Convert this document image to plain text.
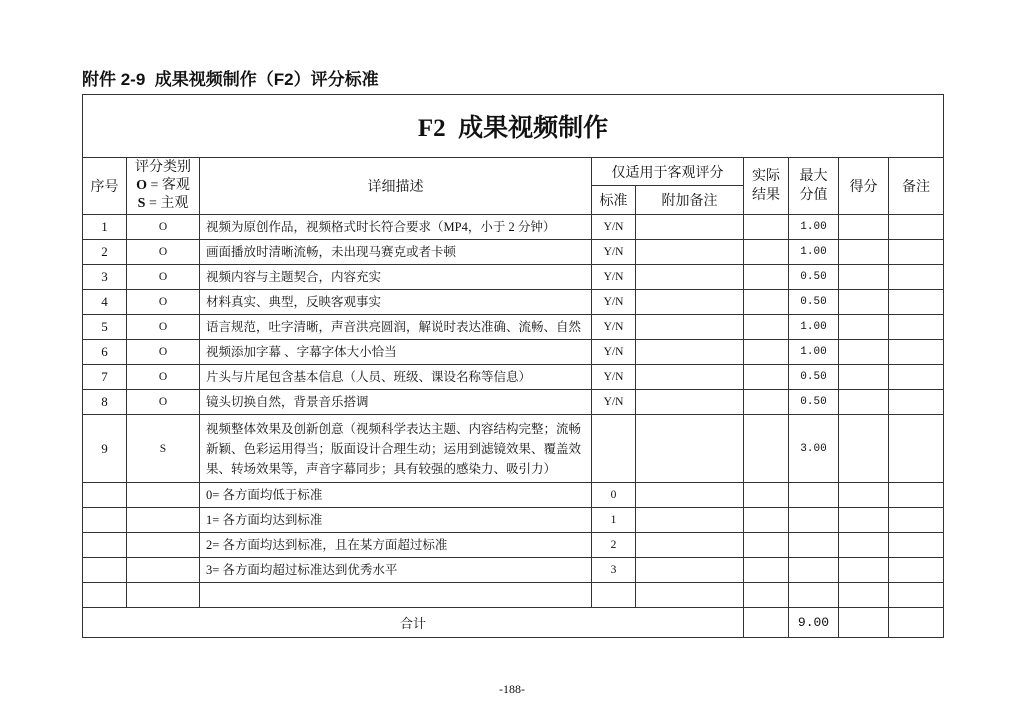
附件 2-9  成果视频制作（F2）评分标准
F2  成果视频制作								
序号	评分类别
O = 客观
S = 主观	详细描述	仅适用于客观评分		实际结果	最大分值	得分	备注
			标准	附加备注				
1	O	视频为原创作品，视频格式时长符合要求（MP4，小于 2 分钟）	Y/N			1.00		
2	O	画面播放时清晰流畅，未出现马赛克或者卡顿	Y/N			1.00		
3	O	视频内容与主题契合，内容充实	Y/N			0.50		
4	O	材料真实、典型，反映客观事实	Y/N			0.50		
5	O	语言规范，吐字清晰，声音洪亮圆润，解说时表达准确、流畅、自然	Y/N			1.00		
6	O	视频添加字幕 、字幕字体大小恰当	Y/N			1.00		
7	O	片头与片尾包含基本信息（人员、班级、课设名称等信息）	Y/N			0.50		
8	O	镜头切换自然，背景音乐搭调	Y/N			0.50		
9	S	视频整体效果及创新创意（视频科学表达主题、内容结构完整；流畅新颖、色彩运用得当；版面设计合理生动；运用到滤镜效果、覆盖效果、转场效果等，声音字幕同步；具有较强的感染力、吸引力）				3.00		
		0= 各方面均低于标准	0					
		1= 各方面均达到标准	1					
		2= 各方面均达到标准，且在某方面超过标准	2					
		3= 各方面均超过标准达到优秀水平	3					

合计						9.00		
-188-
